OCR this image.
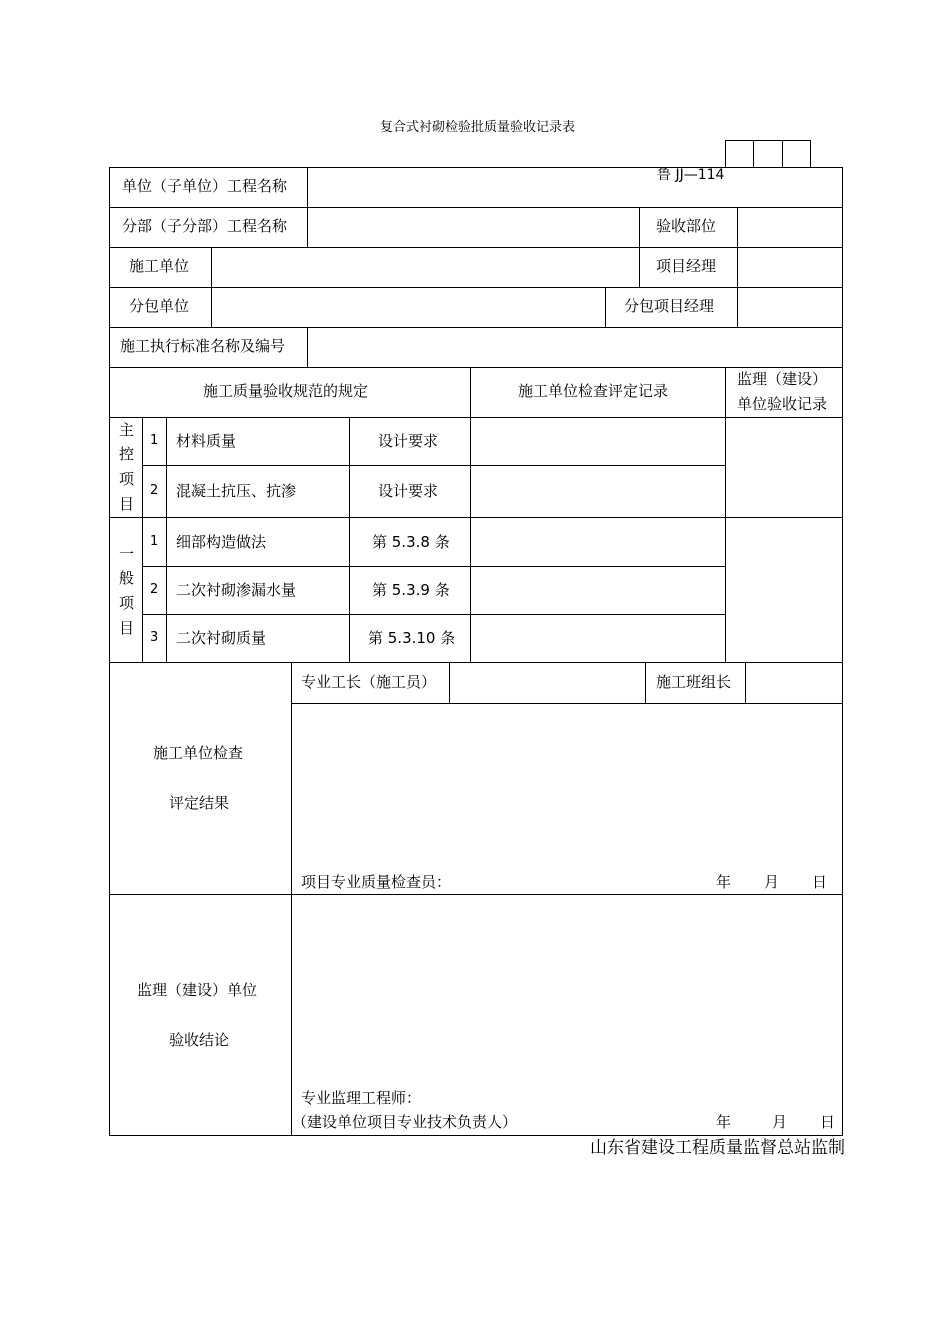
复合式衬砌检验批质量验收记录表
鲁 JJ—114
单位（子单位）工程名称
分部（子分部）工程名称	验收部位
施工单位	项目经理
分包单位	分包项目经理
施工执行标准名称及编号
施工质量验收规范的规定	施工单位检查评定记录
监理（建设）
单位验收记录
主
控
项
目
1 材料质量	设计要求
2 混凝土抗压、抗渗	设计要求
一
般
项
目
1 细部构造做法	第 5.3.8 条
2 二次衬砌渗漏水量	第 5.3.9 条
3 二次衬砌质量	第 5.3.10 条
施工单位检查
评定结果
专业工长（施工员）	施工班组长
项目专业质量检查员：	年 月 日
监理（建设）单位
验收结论
专业监理工程师：
（建设单位项目专业技术负责人）	年	月 日
山东省建设工程质量监督总站监制
